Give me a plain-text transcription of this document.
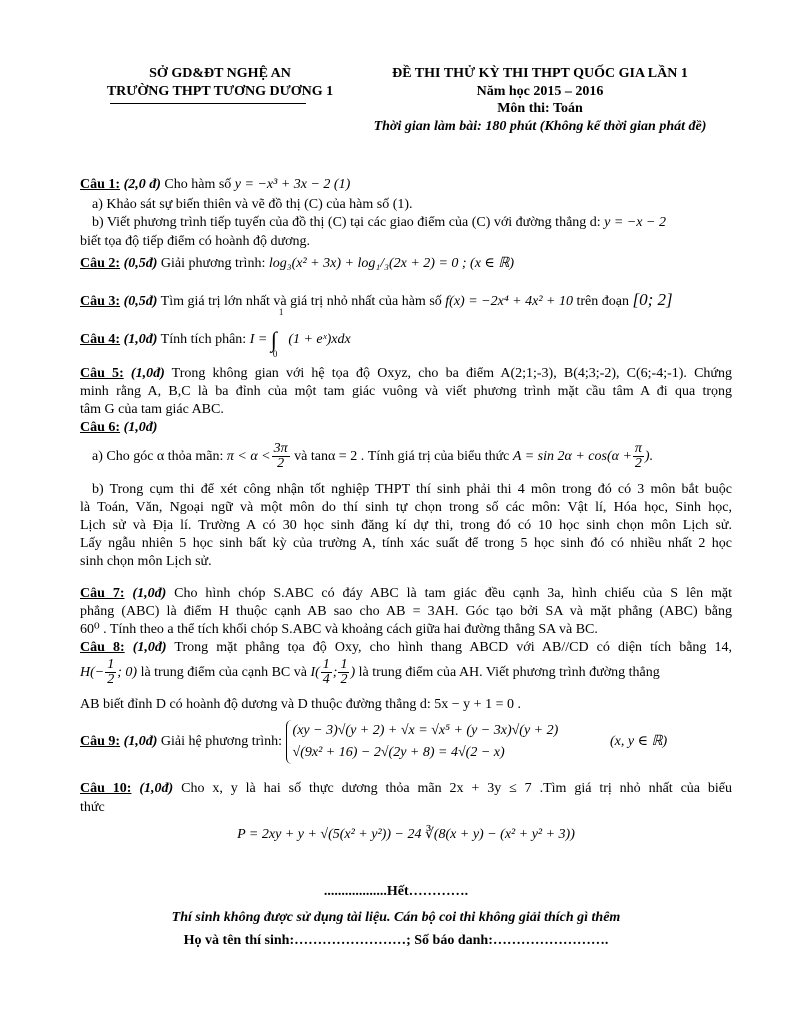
SỞ GD&ĐT NGHỆ AN
TRƯỜNG THPT TƯƠNG DƯƠNG 1
ĐỀ THI THỬ KỲ THI THPT QUỐC GIA LẦN 1
Năm học 2015 – 2016
Môn thi: Toán
Thời gian làm bài: 180 phút (Không kể thời gian phát đề)
Câu 1: (2,0 đ) Cho hàm số y = −x³ + 3x − 2 (1)
a) Khảo sát sự biến thiên và vẽ đồ thị (C) của hàm số (1).
b) Viết phương trình tiếp tuyến của đồ thị (C) tại các giao điểm của (C) với đường thẳng d: y = −x − 2
biết tọa độ tiếp điểm có hoành độ dương.
Câu 2: (0,5đ) Giải phương trình: log₃(x² + 3x) + log₁/₃(2x + 2) = 0 ; (x ∈ ℝ)
Câu 3: (0,5đ) Tìm giá trị lớn nhất và giá trị nhỏ nhất của hàm số f(x) = −2x⁴ + 4x² + 10 trên đoạn [0; 2]
Câu 4: (1,0đ) Tính tích phân: I = ∫
1
0
(1 + eˣ)xdx
Câu 5: (1,0đ) Trong không gian với hệ tọa độ Oxyz, cho ba điểm A(2;1;-3), B(4;3;-2), C(6;-4;-1). Chứng
minh rằng A, B,C là ba đỉnh của một tam giác vuông và viết phương trình mặt cầu tâm A đi qua trọng
tâm G của tam giác ABC.
Câu 6: (1,0đ)
a) Cho góc α thỏa mãn: $\pi < \alpha < \frac{3\pi}{2}$ và tanα = 2 . Tính giá trị của biểu thức $A = \sin 2\alpha + \cos(\alpha + \frac{\pi}{2}$ ).
b) Trong cụm thi để xét công nhận tốt nghiệp THPT thí sinh phải thi 4 môn trong đó có 3 môn bắt buộc
là Toán, Văn, Ngoại ngữ và một môn do thí sinh tự chọn trong số các môn: Vật lí, Hóa học, Sinh học,
Lịch sử và Địa lí. Trường A có 30 học sinh đăng kí dự thi, trong đó có 10 học sinh chọn môn Lịch sử.
Lấy ngẫu nhiên 5 học sinh bất kỳ của trường A, tính xác suất để trong 5 học sinh đó có nhiều nhất 2 học
sinh chọn môn Lịch sử.
Câu 7: (1,0đ) Cho hình chóp S.ABC có đáy ABC là tam giác đều cạnh 3a, hình chiếu của S lên mặt
phẳng (ABC) là điểm H thuộc cạnh AB sao cho AB = 3AH. Góc tạo bởi SA và mặt phẳng (ABC) bằng
60⁰ . Tính theo a thể tích khối chóp S.ABC và khoảng cách giữa hai đường thẳng SA và BC.
Câu 8: (1,0đ) Trong mặt phẳng tọa độ Oxy, cho hình thang ABCD với AB//CD có diện tích bằng 14,
$H(- \frac{1}{2}$ ; 0) là trung điểm của cạnh BC và $I( \frac{1}{4}$ ; $\frac{1}{2}$ ) là trung điểm của AH. Viết phương trình đường thẳng
AB biết đỉnh D có hoành độ dương và D thuộc đường thẳng d: 5x − y + 1 = 0 .
Câu 9: (1,0đ) Giải hệ phương trình:
(xy − 3)√(y + 2) + √x = √x⁵ + (y − 3x)√(y + 2)
√(9x² + 16) − 2√(2y + 8) = 4√(2 − x)
(x, y ∈ ℝ)
Câu 10: (1,0đ) Cho x, y là hai số thực dương thỏa mãn 2x + 3y ≤ 7 .Tìm giá trị nhỏ nhất của biểu
thức
P = 2xy + y + √(5(x² + y²)) − 24 ∛(8(x + y) − (x² + y² + 3))
..................Hết………….
Thí sinh không được sử dụng tài liệu. Cán bộ coi thi không giải thích gì thêm
Họ và tên thí sinh:……………………; Số báo danh:…………………….
